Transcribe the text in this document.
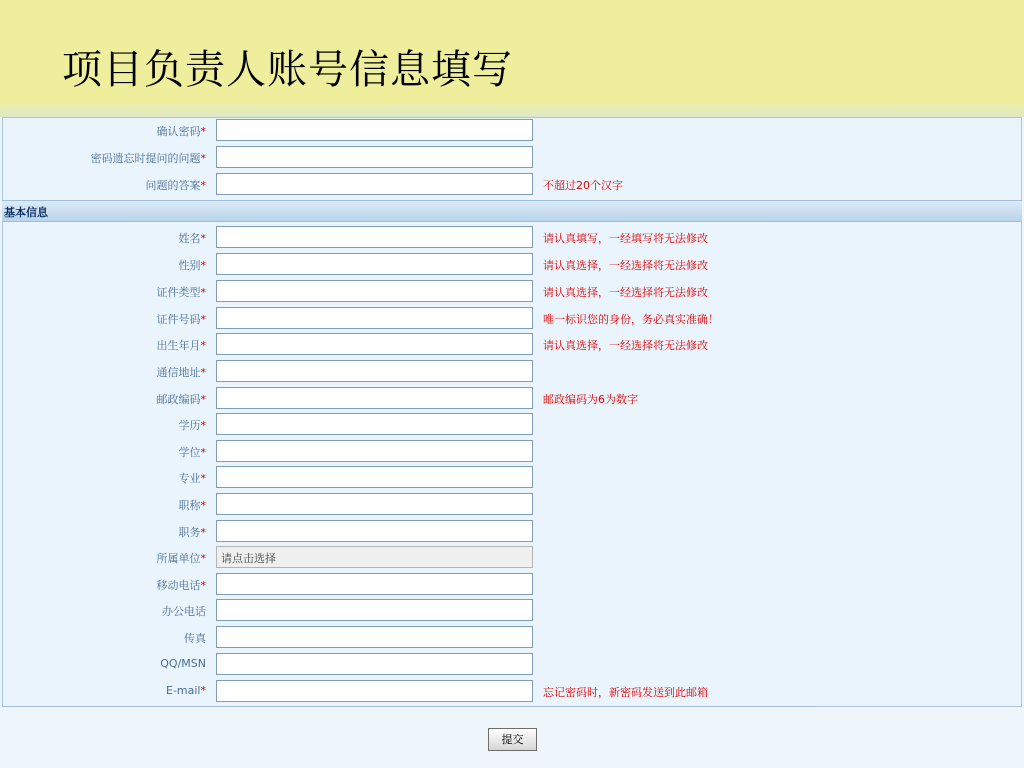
项目负责人账号信息填写
基本信息
确认密码*
密码遗忘时提问的问题*
问题的答案*	不超过20个汉字
姓名*	请认真填写，一经填写将无法修改
性别*	请认真选择，一经选择将无法修改
证件类型*	请认真选择，一经选择将无法修改
证件号码*	唯一标识您的身份，务必真实准确！
出生年月*	请认真选择，一经选择将无法修改
通信地址*
邮政编码*	邮政编码为6为数字
学历*
学位*
专业*
职称*
职务*
所属单位*	请点击选择
移动电话*
办公电话
传真
QQ/MSN
E-mail*	忘记密码时，新密码发送到此邮箱
提交
